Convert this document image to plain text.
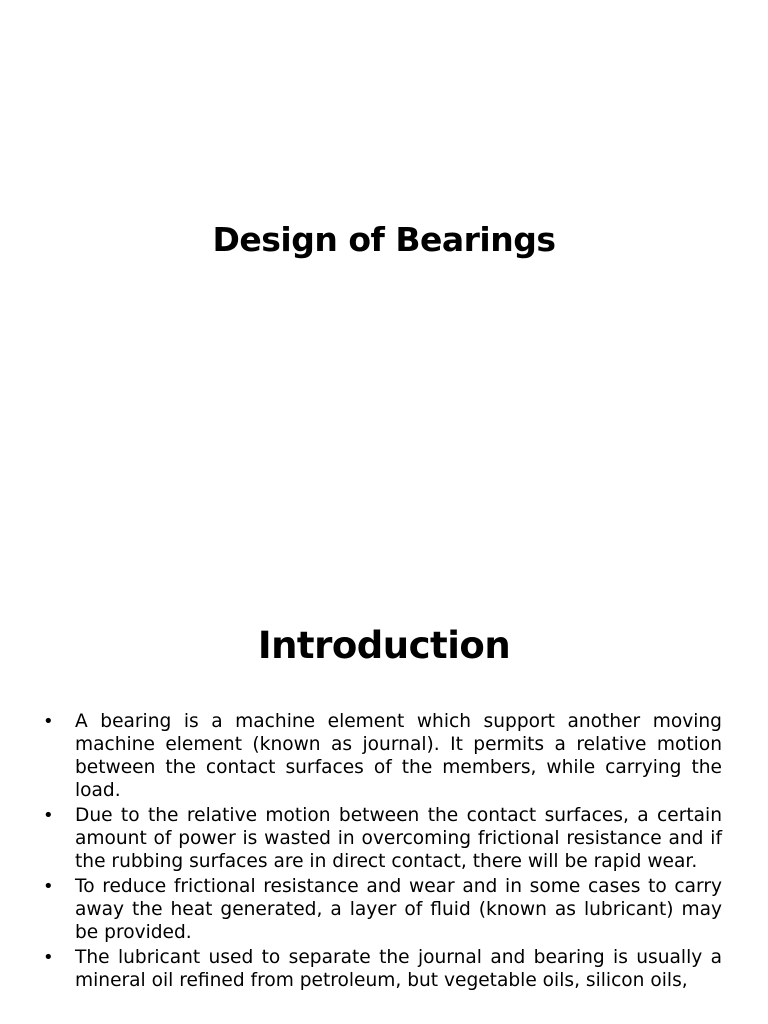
Design of Bearings
Introduction
• A bearing is a machine element which support another moving machine element (known as journal). It permits a relative motion between the contact surfaces of the members, while carrying the load.
• Due to the relative motion between the contact surfaces, a certain amount of power is wasted in overcoming frictional resistance and if the rubbing surfaces are in direct contact, there will be rapid wear.
• To reduce frictional resistance and wear and in some cases to carry away the heat generated, a layer of fluid (known as lubricant) may be provided.
• The lubricant used to separate the journal and bearing is usually a mineral oil refined from petroleum, but vegetable oils, silicon oils,
